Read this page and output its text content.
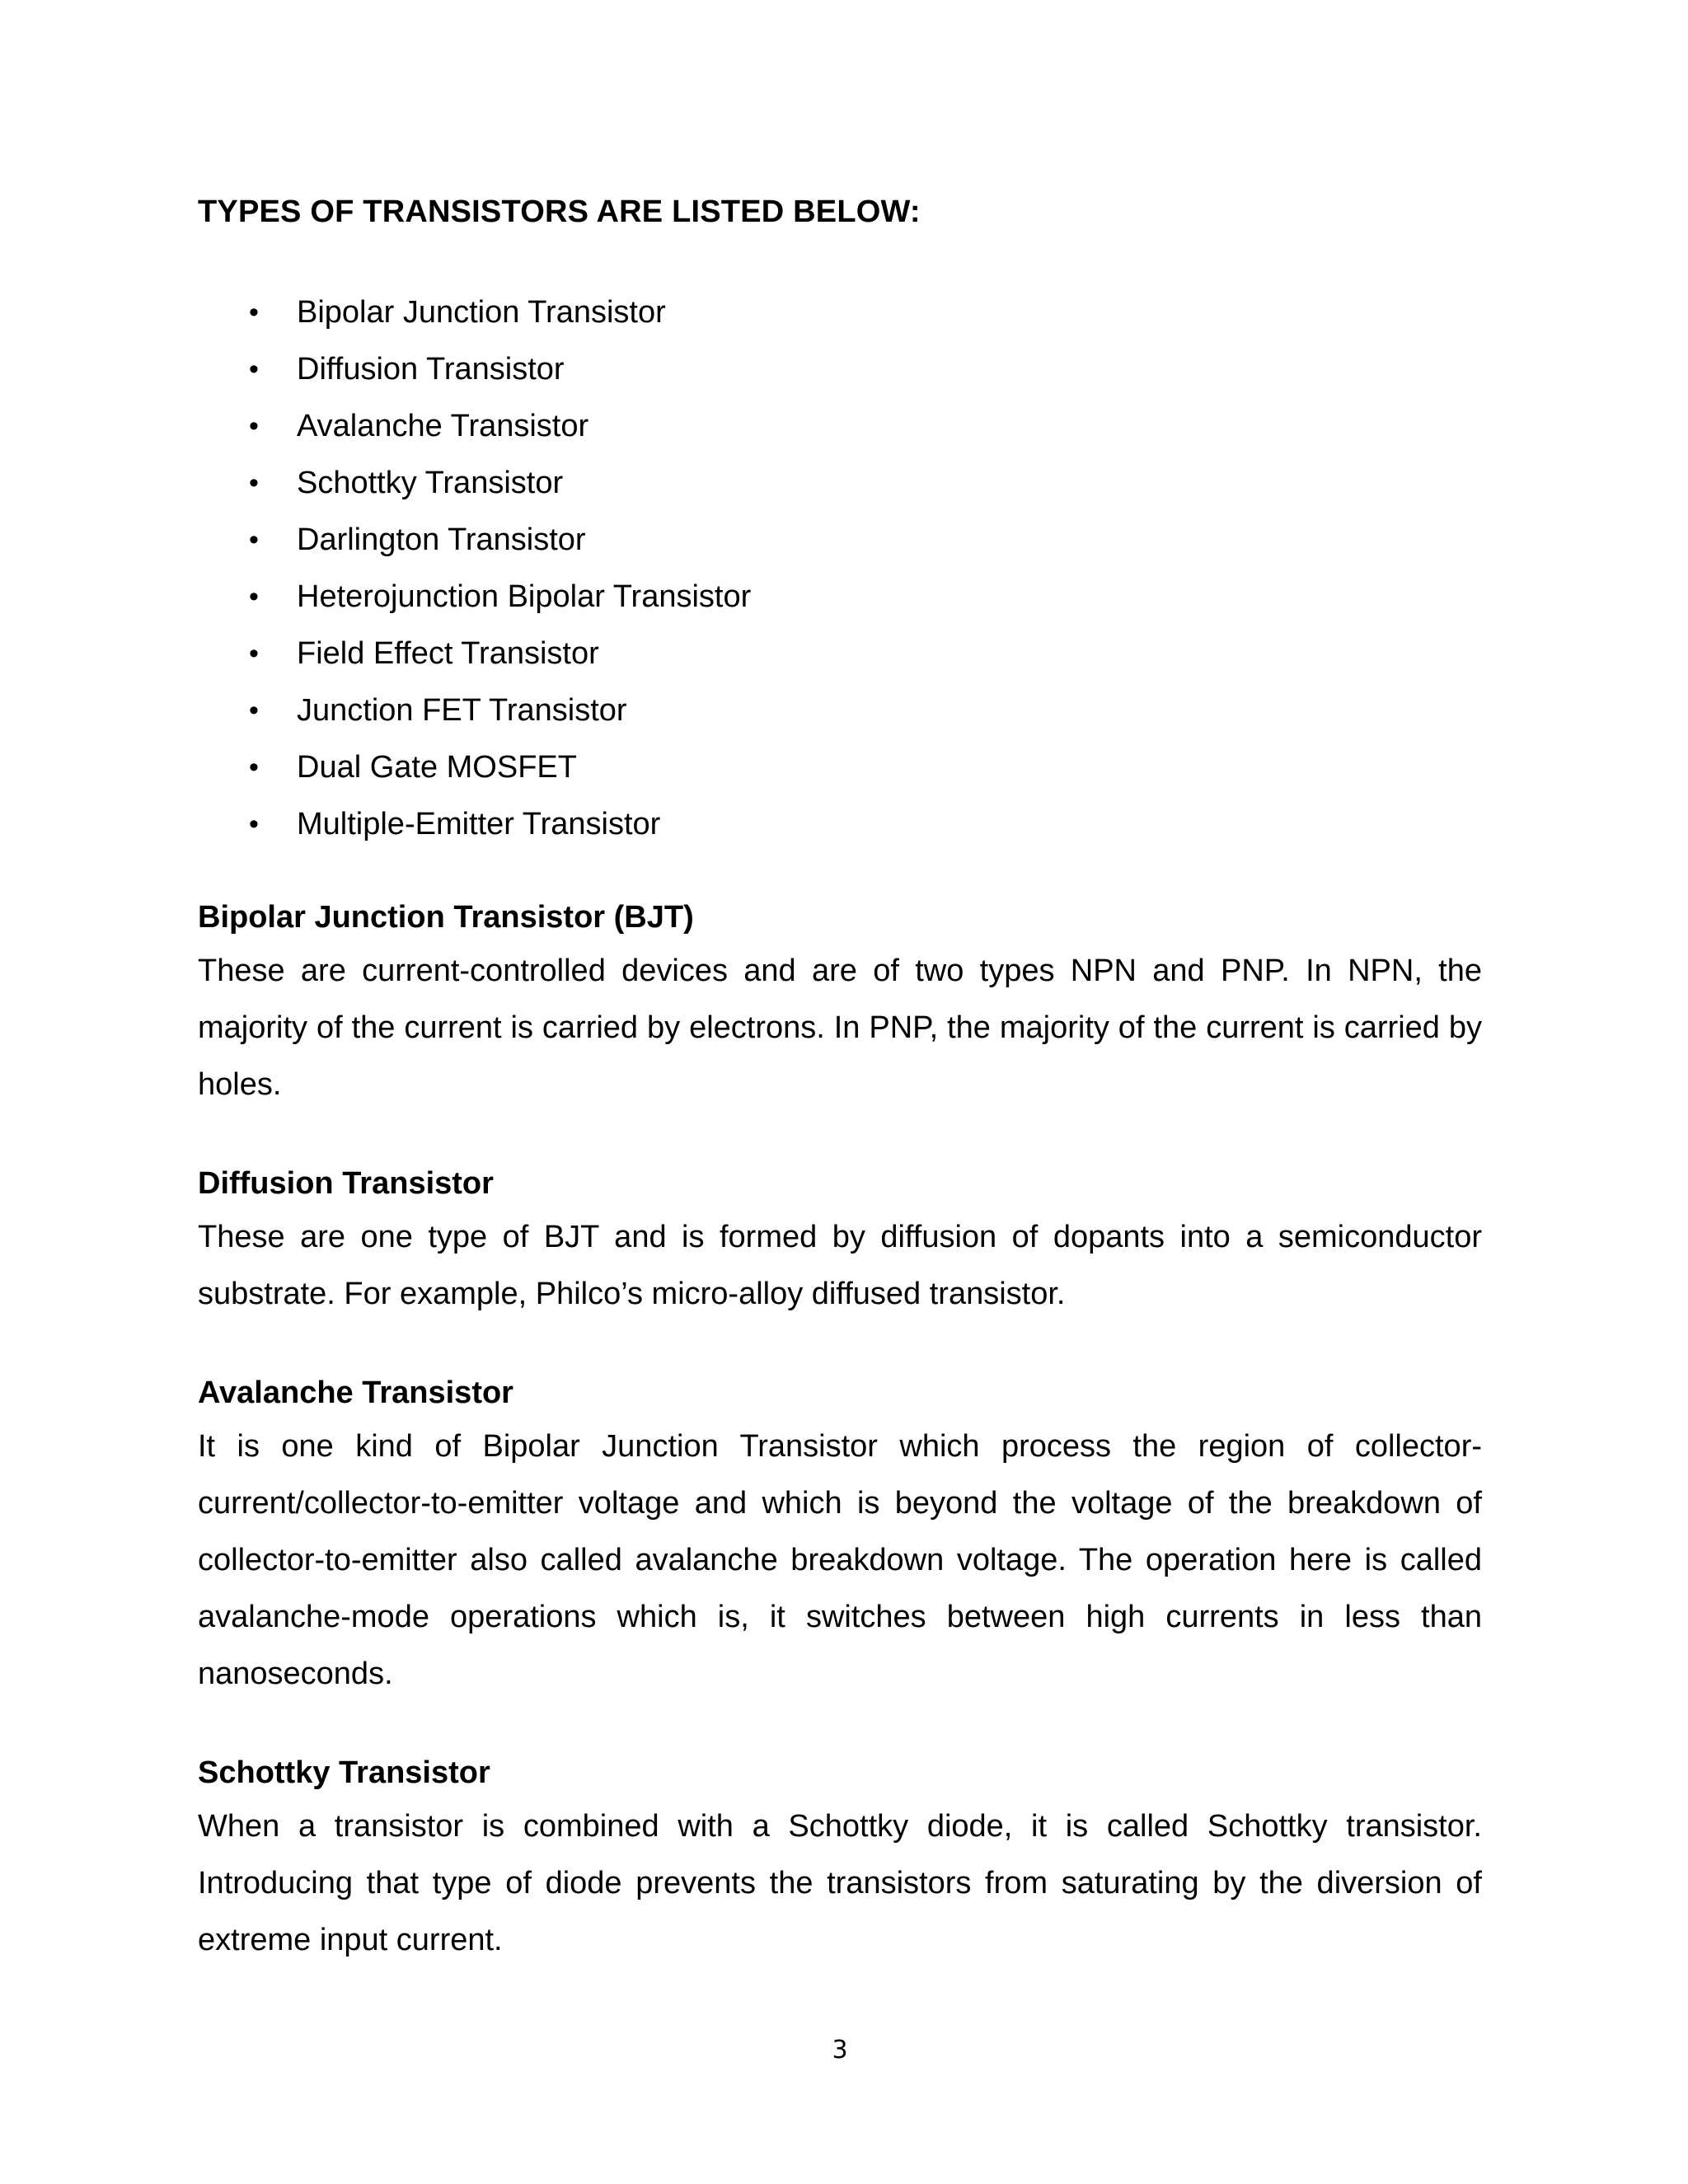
TYPES OF TRANSISTORS ARE LISTED BELOW:
• Bipolar Junction Transistor
• Diffusion Transistor
• Avalanche Transistor
• Schottky Transistor
• Darlington Transistor
• Heterojunction Bipolar Transistor
• Field Effect Transistor
• Junction FET Transistor
• Dual Gate MOSFET
• Multiple-Emitter Transistor
Bipolar Junction Transistor (BJT)

These are current-controlled devices and are of two types NPN and PNP. In NPN, the majority of the current is carried by electrons. In PNP, the majority of the current is carried by holes.

Diffusion Transistor

These are one type of BJT and is formed by diffusion of dopants into a semiconductor substrate. For example, Philco’s micro-alloy diffused transistor.

Avalanche Transistor

It is one kind of Bipolar Junction Transistor which process the region of collector-current/collector-to-emitter voltage and which is beyond the voltage of the breakdown of collector-to-emitter also called avalanche breakdown voltage. The operation here is called avalanche-mode operations which is, it switches between high currents in less than nanoseconds.

Schottky Transistor

When a transistor is combined with a Schottky diode, it is called Schottky transistor. Introducing that type of diode prevents the transistors from saturating by the diversion of extreme input current.

3
